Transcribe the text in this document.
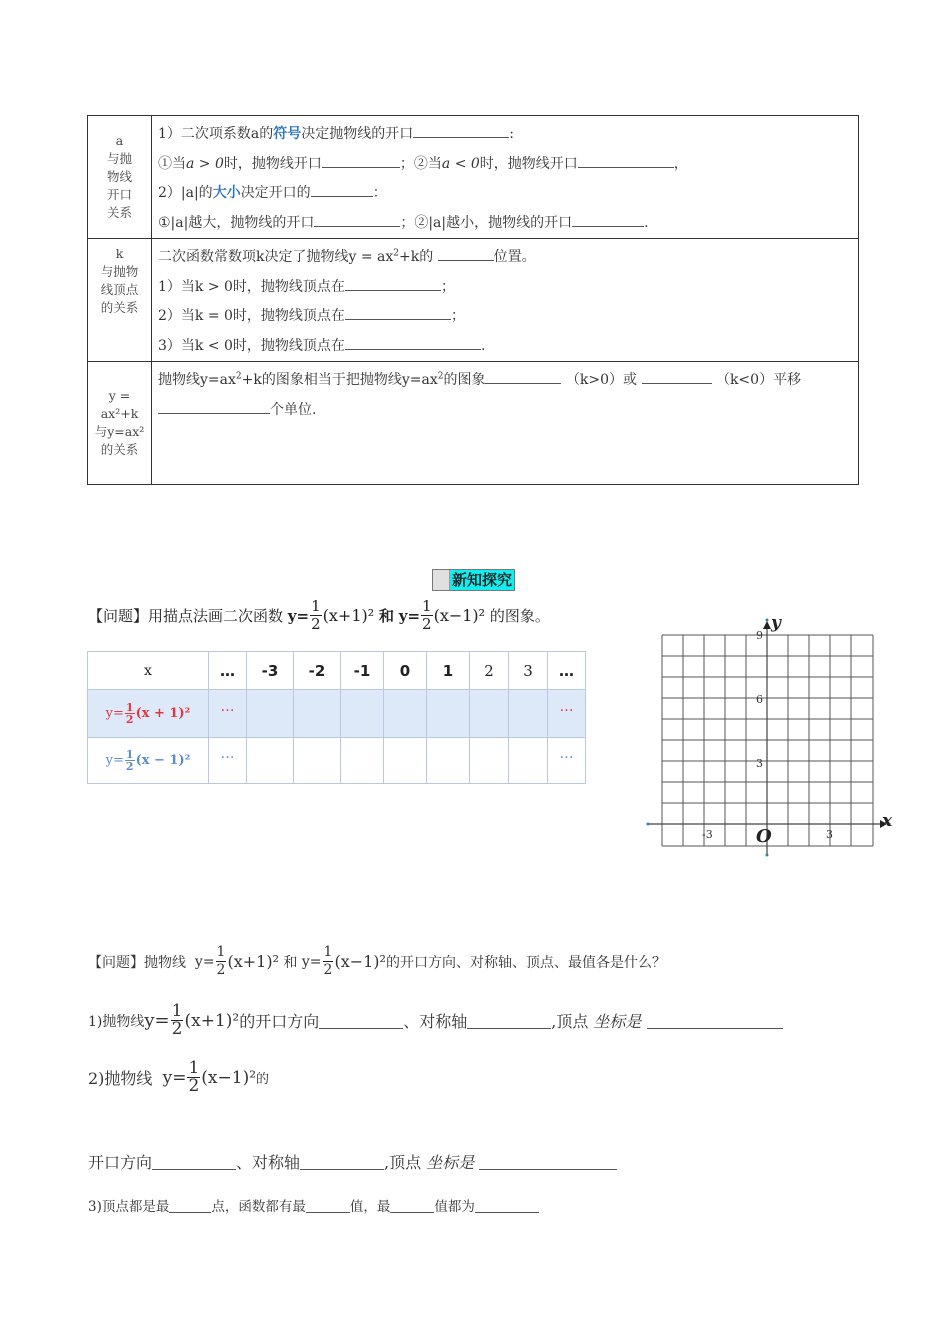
a
与抛
物线
开口
关系

1）二次项系数a的符号决定抛物线的开口	:
①当a > 0时，抛物线开口	；②当a < 0时，抛物线开口	，
2）|a|的大小决定开口的	：
①|a|越大，抛物线的开口	；②|a|越小，抛物线的开口	.

k
与抛物
线顶点
的关系

二次函数常数项k决定了抛物线$y = ax^2+k$的	位置。
1）当k > 0时，抛物线顶点在	；
2）当k = 0时，抛物线顶点在	；
3）当k < 0时，抛物线顶点在	.

y =
ax²+k
与y=ax²
的关系

抛物线$y=ax^2+k$的图象相当于把抛物线$y=ax^2$的图象	（k>0）或	（k<0）平移
个单位.
新知探究
【问题】用描点法画二次函数
$y= \frac{1}{2} (x+1)^2$
和
$y= \frac{1}{2} (x-1)^2$
的图象。
x	…	-3	-2	-1	0	1	2	3	…

$y= \frac{1}{2} (x + 1)^2$	…								…

$y= \frac{1}{2} (x - 1)^2$	…								…
y
x
O
9
6
3
-3	3
【问题】抛物线
$y= \frac{1}{2} (x+1)^2$
和
$y= \frac{1}{2} (x-1)^2$ 的开口方向、对称轴、顶点、最值各是什么？
1)抛物线 $y= \frac{1}{2} (x+1)^2$ 的开口方向	、对称轴	,顶点
坐标是

2)抛物线
$y= \frac{1}{2} (x-1)^2$ 的
开口方向	、对称轴	,顶点
坐标是

3)顶点都是最	点，函数都有最	值，最	值都为
